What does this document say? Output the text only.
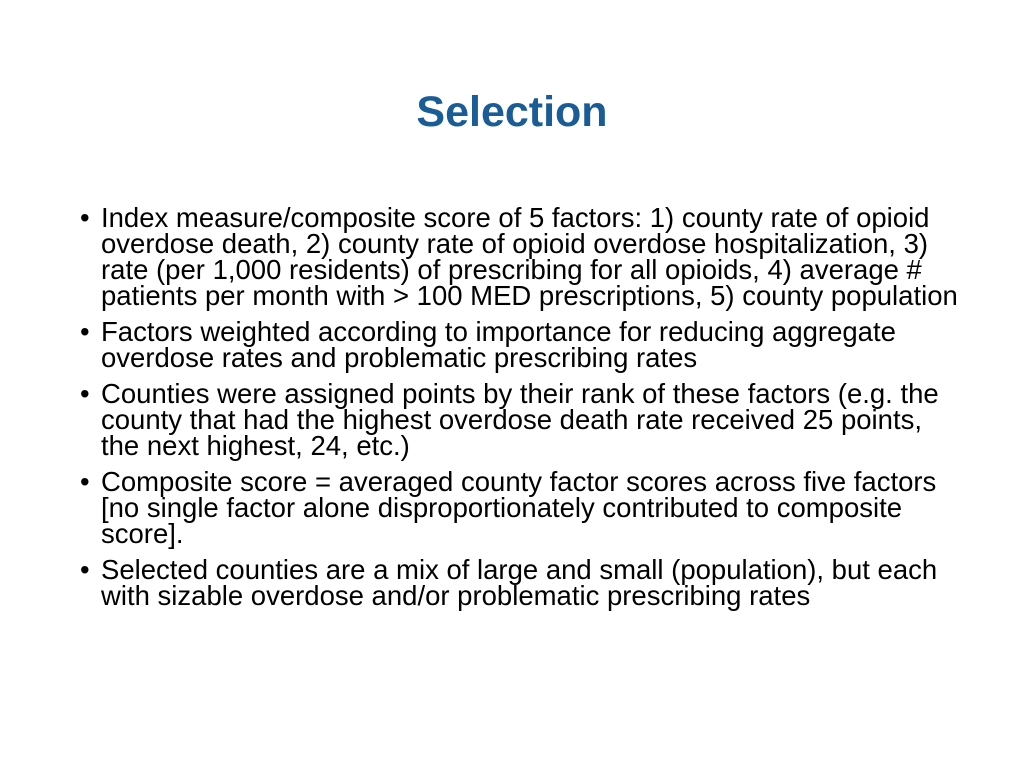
Selection
• Index measure/composite score of 5 factors: 1) county rate of opioid overdose death, 2) county rate of opioid overdose hospitalization, 3) rate (per 1,000 residents) of prescribing for all opioids, 4) average # patients per month with > 100 MED prescriptions, 5) county population
• Factors weighted according to importance for reducing aggregate overdose rates and problematic prescribing rates
• Counties were assigned points by their rank of these factors (e.g. the county that had the highest overdose death rate received 25 points, the next highest, 24, etc.)
• Composite score = averaged county factor scores across five factors [no single factor alone disproportionately contributed to composite score].
• Selected counties are a mix of large and small (population), but each with sizable overdose and/or problematic prescribing rates
